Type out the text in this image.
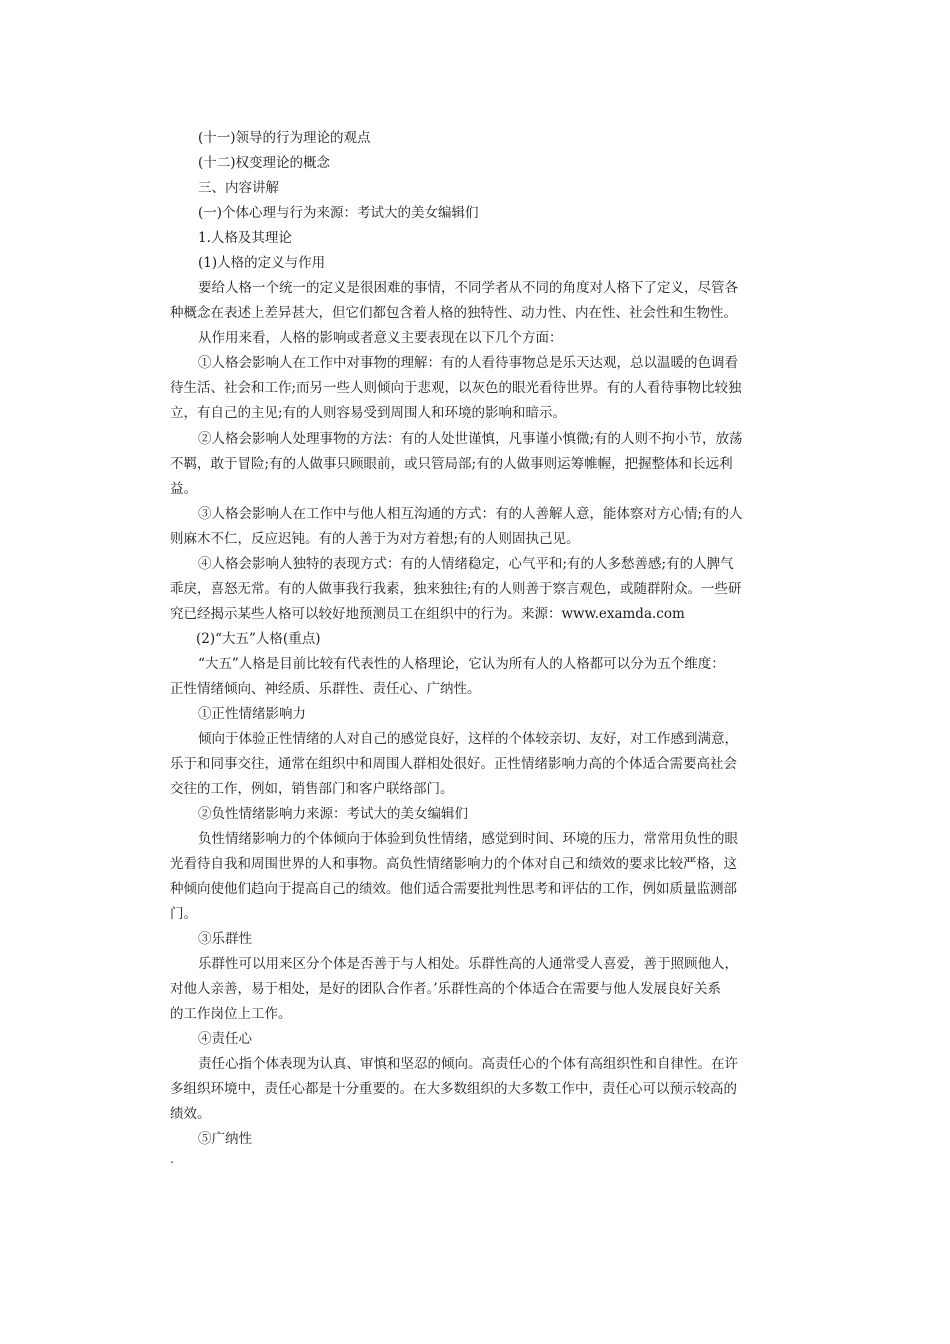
(十一)领导的行为理论的观点
(十二)权变理论的概念
三、内容讲解
(一)个体心理与行为来源：考试大的美女编辑们
1.人格及其理论
(1)人格的定义与作用
要给人格一个统一的定义是很困难的事情，不同学者从不同的角度对人格下了定义，尽管各
种概念在表述上差异甚大，但它们都包含着人格的独特性、动力性、内在性、社会性和生物性。
从作用来看，人格的影响或者意义主要表现在以下几个方面：
①人格会影响人在工作中对事物的理解：有的人看待事物总是乐天达观，总以温暖的色调看
待生活、社会和工作;而另一些人则倾向于悲观，以灰色的眼光看待世界。有的人看待事物比较独
立，有自己的主见;有的人则容易受到周围人和环境的影响和暗示。
②人格会影响人处理事物的方法：有的人处世谨慎，凡事谨小慎微;有的人则不拘小节，放荡
不羁，敢于冒险;有的人做事只顾眼前，或只管局部;有的人做事则运筹帷幄，把握整体和长远利
益。
③人格会影响人在工作中与他人相互沟通的方式：有的人善解人意，能体察对方心情;有的人
则麻木不仁，反应迟钝。有的人善于为对方着想;有的人则固执己见。
④人格会影响人独特的表现方式：有的人情绪稳定，心气平和;有的人多愁善感;有的人脾气
乖戾，喜怒无常。有的人做事我行我素，独来独往;有的人则善于察言观色，或随群附众。一些研
究已经揭示某些人格可以较好地预测员工在组织中的行为。来源：www.examda.com
(2)“大五”人格(重点)
“大五”人格是目前比较有代表性的人格理论，它认为所有人的人格都可以分为五个维度：
正性情绪倾向、神经质、乐群性、责任心、广纳性。
①正性情绪影响力
倾向于体验正性情绪的人对自己的感觉良好，这样的个体较亲切、友好，对工作感到满意，
乐于和同事交往，通常在组织中和周围人群相处很好。正性情绪影响力高的个体适合需要高社会
交往的工作，例如，销售部门和客户联络部门。
②负性情绪影响力来源：考试大的美女编辑们
负性情绪影响力的个体倾向于体验到负性情绪，感觉到时间、环境的压力，常常用负性的眼
光看待自我和周围世界的人和事物。高负性情绪影响力的个体对自己和绩效的要求比较严格，这
种倾向使他们趋向于提高自己的绩效。他们适合需要批判性思考和评估的工作，例如质量监测部
门。
③乐群性
乐群性可以用来区分个体是否善于与人相处。乐群性高的人通常受人喜爱，善于照顾他人，
对他人亲善，易于相处，是好的团队合作者。’乐群性高的个体适合在需要与他人发展良好关系
的工作岗位上工作。
④责任心
责任心指个体表现为认真、审慎和坚忍的倾向。高责任心的个体有高组织性和自律性。在许
多组织环境中，责任心都是十分重要的。在大多数组织的大多数工作中，责任心可以预示较高的
绩效。
⑤广纳性
.
